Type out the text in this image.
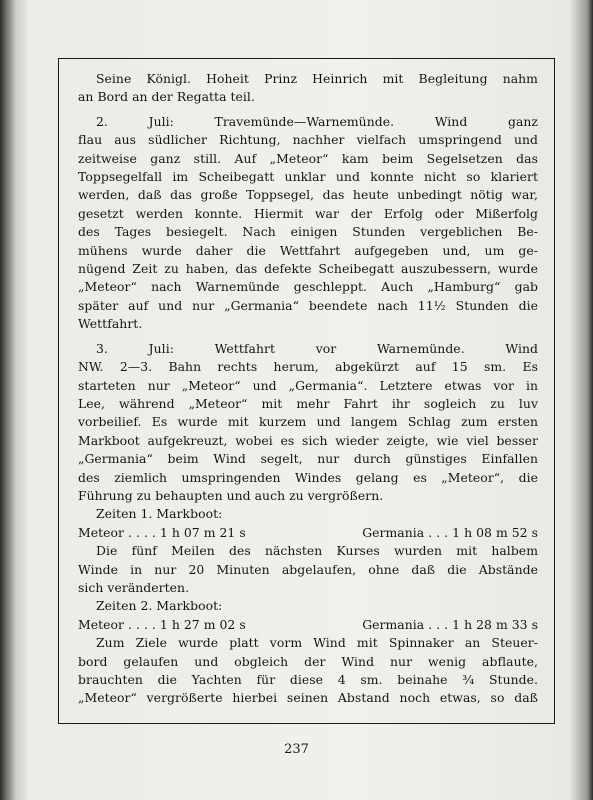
Seine Königl. Hoheit Prinz Heinrich mit Begleitung nahm
an Bord an der Regatta teil.
2. Juli: Travemünde—Warnemünde. Wind ganz
flau aus südlicher Richtung, nachher vielfach umspringend und
zeitweise ganz still. Auf „Meteor“ kam beim Segelsetzen das
Toppsegelfall im Scheibegatt unklar und konnte nicht so klariert
werden, daß das große Toppsegel, das heute unbedingt nötig war,
gesetzt werden konnte. Hiermit war der Erfolg oder Mißerfolg
des Tages besiegelt. Nach einigen Stunden vergeblichen Be-
mühens wurde daher die Wettfahrt aufgegeben und, um ge-
nügend Zeit zu haben, das defekte Scheibegatt auszubessern, wurde
„Meteor“ nach Warnemünde geschleppt. Auch „Hamburg“ gab
später auf und nur „Germania“ beendete nach 11½ Stunden die
Wettfahrt.
3. Juli: Wettfahrt vor Warnemünde. Wind
NW. 2—3. Bahn rechts herum, abgekürzt auf 15 sm. Es
starteten nur „Meteor“ und „Germania“. Letztere etwas vor in
Lee, während „Meteor“ mit mehr Fahrt ihr sogleich zu luv
vorbeilief. Es wurde mit kurzem und langem Schlag zum ersten
Markboot aufgekreuzt, wobei es sich wieder zeigte, wie viel besser
„Germania“ beim Wind segelt, nur durch günstiges Einfallen
des ziemlich umspringenden Windes gelang es „Meteor“, die
Führung zu behaupten und auch zu vergrößern.
Zeiten 1. Markboot:
Meteor . . . . 1 h 07 m 21 s	Germania . . . 1 h 08 m 52 s
Die fünf Meilen des nächsten Kurses wurden mit halbem
Winde in nur 20 Minuten abgelaufen, ohne daß die Abstände
sich veränderten.
Zeiten 2. Markboot:
Meteor . . . . 1 h 27 m 02 s	Germania . . . 1 h 28 m 33 s
Zum Ziele wurde platt vorm Wind mit Spinnaker an Steuer-
bord gelaufen und obgleich der Wind nur wenig abflaute,
brauchten die Yachten für diese 4 sm. beinahe ¾ Stunde.
„Meteor“ vergrößerte hierbei seinen Abstand noch etwas, so daß
237
